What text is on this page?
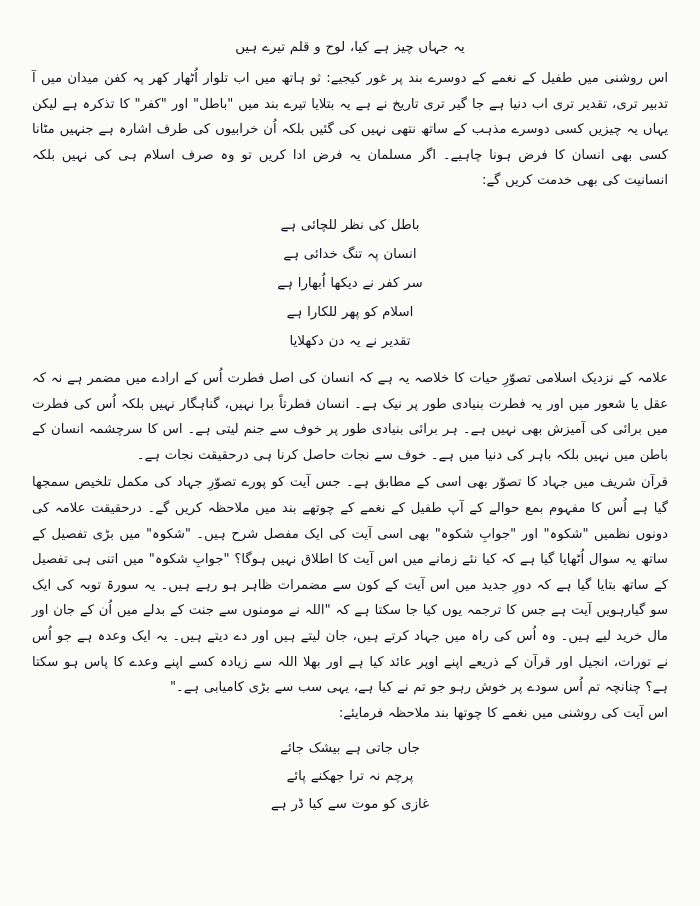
یہ جہاں چیز ہے کیا، لوح و قلم تیرے ہیں

اس روشنی میں طفیل کے نغمے کے دوسرے بند پر غور کیجیے: ثو ہاتھ میں اب تلوار اُٹھار کھر پہ کفن میدان میں آ تدبیر تری، تقدیر تری اب دنیا ہے جا گیر تری تاریخ نے ہے یہ بتلایا تیرے بند میں "باطل" اور "کفر" کا تذکرہ ہے لیکن یہاں یہ چیزیں کسی دوسرے مذہب کے ساتھ نتھی نہیں کی گئیں بلکہ اُن خرابیوں کی طرف اشارہ ہے جنہیں مٹانا کسی بھی انسان کا فرض ہونا چاہیے۔ اگر مسلمان یہ فرض ادا کریں تو وہ صرف اسلام ہی کی نہیں بلکہ انسانیت کی بھی خدمت کریں گے:

باطل کی نظر للچائی ہے
انسان پہ تنگ خدائی ہے
سر کفر نے دیکھا اُبھارا ہے
اسلام کو پھر للکارا ہے
تقدیر نے یہ دن دکھلایا

علامہ کے نزدیک اسلامی تصوّرِ حیات کا خلاصہ یہ ہے کہ انسان کی اصل فطرت اُس کے ارادے میں مضمر ہے نہ کہ عقل یا شعور میں اور یہ فطرت بنیادی طور پر نیک ہے۔ انسان فطرتاً برا نہیں، گناہگار نہیں بلکہ اُس کی فطرت میں برائی کی آمیزش بھی نہیں ہے۔ ہر برائی بنیادی طور پر خوف سے جنم لیتی ہے۔ اس کا سرچشمہ انسان کے باطن میں نہیں بلکہ باہر کی دنیا میں ہے۔ خوف سے نجات حاصل کرنا ہی درحقیقت نجات ہے۔

قرآن شریف میں جہاد کا تصوّر بھی اسی کے مطابق ہے۔ جس آیت کو پورے تصوّرِ جہاد کی مکمل تلخیص سمجھا گیا ہے اُس کا مفہوم بمع حوالے کے آپ طفیل کے نغمے کے چوتھے بند میں ملاحظہ کریں گے۔ درحقیقت علامہ کی دونوں نظمیں "شکوہ" اور "جوابِ شکوہ" بھی اسی آیت کی ایک مفصل شرح ہیں۔ "شکوہ" میں بڑی تفصیل کے ساتھ یہ سوال اُٹھایا گیا ہے کہ کیا نئے زمانے میں اس آیت کا اطلاق نہیں ہوگا؟ "جوابِ شکوہ" میں اتنی ہی تفصیل کے ساتھ بتایا گیا ہے کہ دورِ جدید میں اس آیت کے کون سے مضمرات ظاہر ہو رہے ہیں۔ یہ سورۃ توبہ کی ایک سو گیارہویں آیت ہے جس کا ترجمہ یوں کیا جا سکتا ہے کہ "اللہ نے مومنوں سے جنت کے بدلے میں اُن کے جان اور مال خرید لیے ہیں۔ وہ اُس کی راہ میں جہاد کرتے ہیں، جان لیتے ہیں اور دے دیتے ہیں۔ یہ ایک وعدہ ہے جو اُس نے تورات، انجیل اور قرآن کے ذریعے اپنے اوپر عائد کیا ہے اور بھلا اللہ سے زیادہ کسے اپنے وعدے کا پاس ہو سکتا ہے؟ چنانچہ تم اُس سودے پر خوش رہو جو تم نے کیا ہے، یہی سب سے بڑی کامیابی ہے۔"

اس آیت کی روشنی میں نغمے کا چوتھا بند ملاحظہ فرمایئے:

جاں جاتی ہے بیشک جائے
پرچم نہ ترا جھکنے پائے
غازی کو موت سے کیا ڈر ہے
